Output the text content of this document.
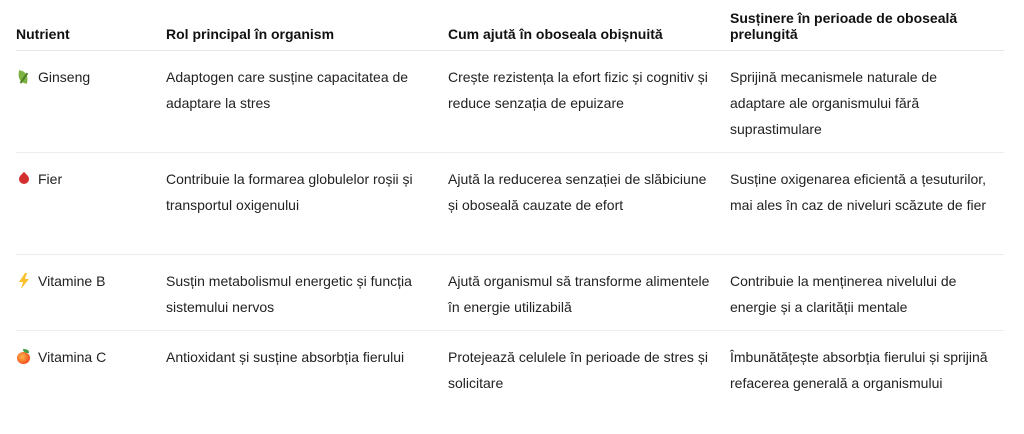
Nutrient	Rol principal în organism	Cum ajută în oboseala obișnuită	Susținere în perioade de oboseală prelungită
Ginseng	Adaptogen care susține capacitatea de adaptare la stres	Crește rezistența la efort fizic și cognitiv și reduce senzația de epuizare	Sprijină mecanismele naturale de adaptare ale organismului fără suprastimulare
Fier	Contribuie la formarea globulelor roșii și transportul oxigenului	Ajută la reducerea senzației de slăbiciune și oboseală cauzate de efort	Susține oxigenarea eficientă a țesuturilor, mai ales în caz de niveluri scăzute de fier

Vitamine B	Susțin metabolismul energetic și funcția sistemului nervos	Ajută organismul să transforme alimentele în energie utilizabilă	Contribuie la menținerea nivelului de energie și a clarității mentale
Vitamina C	Antioxidant și susține absorbția fierului	Protejează celulele în perioade de stres și solicitare	Îmbunătățește absorbția fierului și sprijină refacerea generală a organismului
